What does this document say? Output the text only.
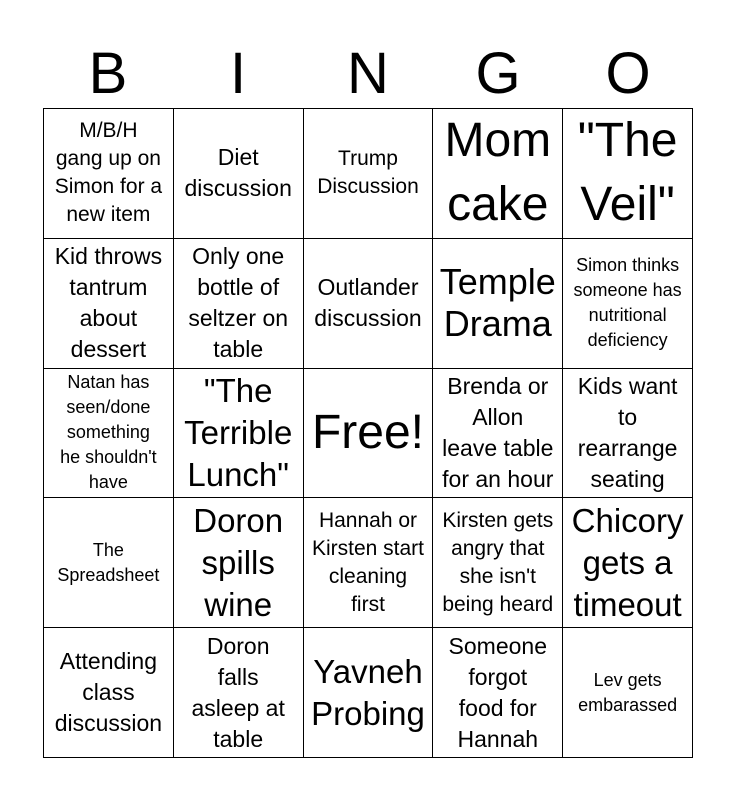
B	I	N	G	O
M/B/H
gang up on
Simon for a
new item
Diet
discussion
Trump
Discussion
Mom
cake
"The
Veil"
Kid throws
tantrum
about
dessert
Only one
bottle of
seltzer on
table
Outlander
discussion
Temple
Drama
Simon thinks
someone has
nutritional
deficiency
Natan has
seen/done
something
he shouldn't
have
"The
Terrible
Lunch"
Free!
Brenda or
Allon
leave table
for an hour
Kids want
to
rearrange
seating
The
Spreadsheet
Doron
spills
wine
Hannah or
Kirsten start
cleaning
first
Kirsten gets
angry that
she isn't
being heard
Chicory
gets a
timeout
Attending
class
discussion
Doron
falls
asleep at
table
Yavneh
Probing
Someone
forgot
food for
Hannah
Lev gets
embarassed
